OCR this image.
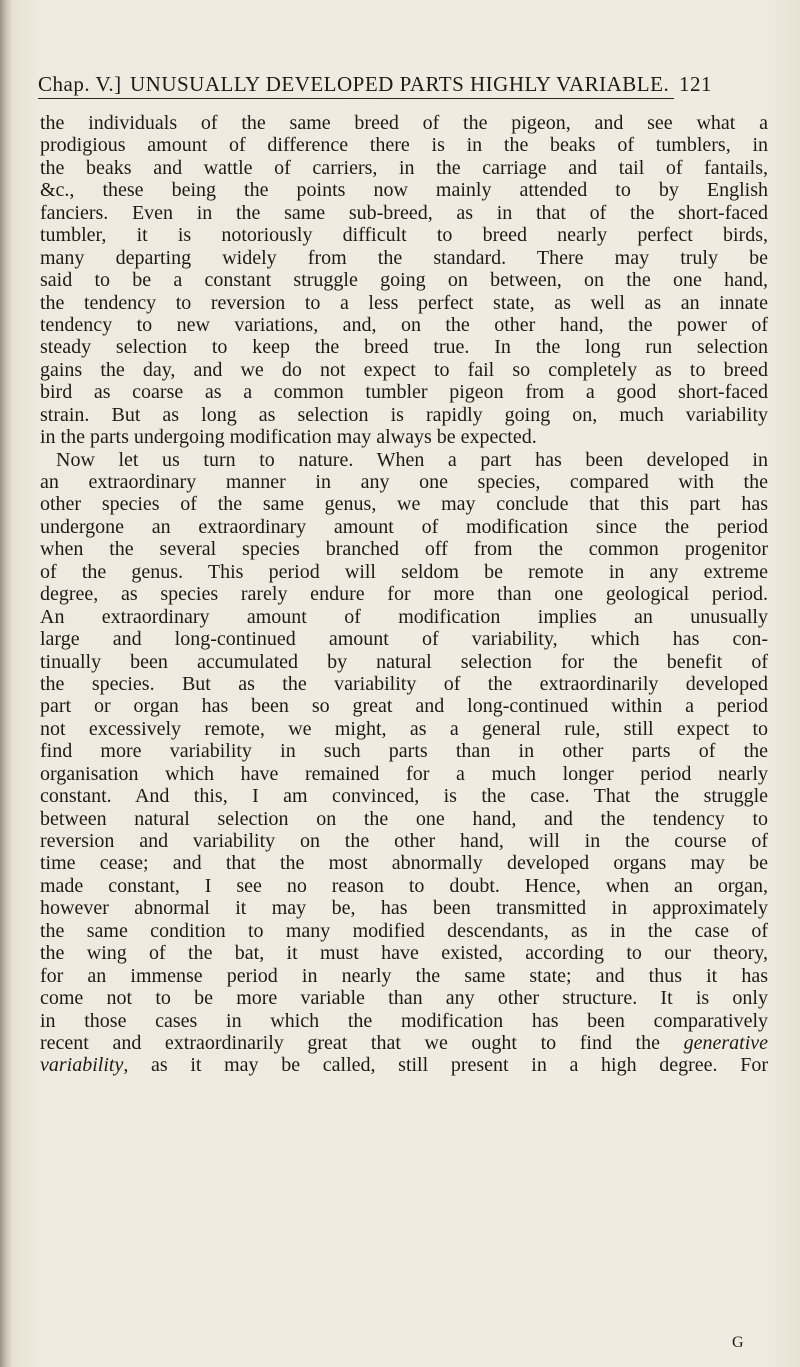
Chap. V.] UNUSUALLY DEVELOPED PARTS HIGHLY VARIABLE. 121
the individuals of the same breed of the pigeon, and see what a
prodigious amount of difference there is in the beaks of tumblers, in
the beaks and wattle of carriers, in the carriage and tail of fantails,
&c., these being the points now mainly attended to by English
fanciers. Even in the same sub-breed, as in that of the short-faced
tumbler, it is notoriously difficult to breed nearly perfect birds,
many departing widely from the standard. There may truly be
said to be a constant struggle going on between, on the one hand,
the tendency to reversion to a less perfect state, as well as an innate
tendency to new variations, and, on the other hand, the power of
steady selection to keep the breed true. In the long run selection
gains the day, and we do not expect to fail so completely as to breed
bird as coarse as a common tumbler pigeon from a good short-faced
strain. But as long as selection is rapidly going on, much variability
in the parts undergoing modification may always be expected.
Now let us turn to nature. When a part has been developed in
an extraordinary manner in any one species, compared with the
other species of the same genus, we may conclude that this part has
undergone an extraordinary amount of modification since the period
when the several species branched off from the common progenitor
of the genus. This period will seldom be remote in any extreme
degree, as species rarely endure for more than one geological period.
An extraordinary amount of modification implies an unusually
large and long-continued amount of variability, which has con-
tinually been accumulated by natural selection for the benefit of
the species. But as the variability of the extraordinarily developed
part or organ has been so great and long-continued within a period
not excessively remote, we might, as a general rule, still expect to
find more variability in such parts than in other parts of the
organisation which have remained for a much longer period nearly
constant. And this, I am convinced, is the case. That the struggle
between natural selection on the one hand, and the tendency to
reversion and variability on the other hand, will in the course of
time cease; and that the most abnormally developed organs may be
made constant, I see no reason to doubt. Hence, when an organ,
however abnormal it may be, has been transmitted in approximately
the same condition to many modified descendants, as in the case of
the wing of the bat, it must have existed, according to our theory,
for an immense period in nearly the same state; and thus it has
come not to be more variable than any other structure. It is only
in those cases in which the modification has been comparatively
recent and extraordinarily great that we ought to find the generative
variability, as it may be called, still present in a high degree. For
G
